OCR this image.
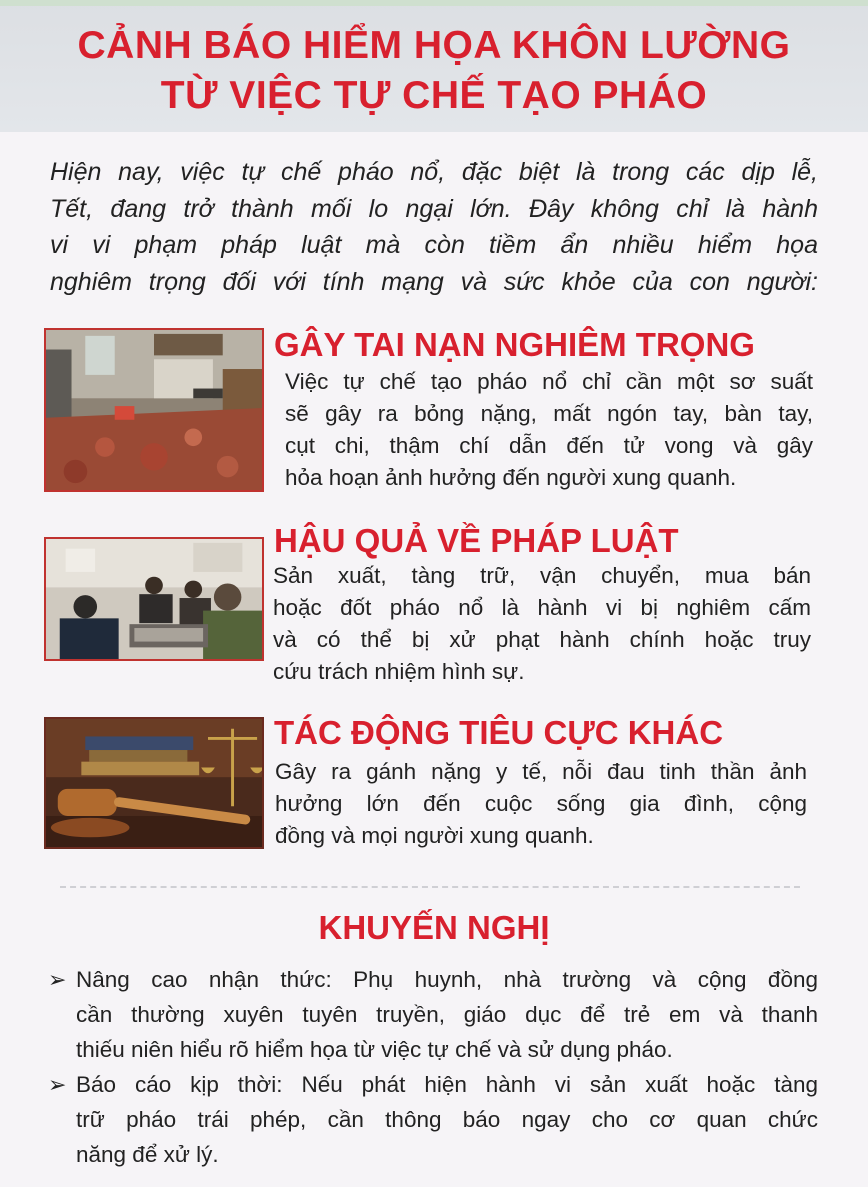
CẢNH BÁO HIỂM HỌA KHÔN LƯỜNG
TỪ VIỆC TỰ CHẾ TẠO PHÁO
Hiện nay, việc tự chế pháo nổ, đặc biệt là trong các dịp lễ,
Tết, đang trở thành mối lo ngại lớn. Đây không chỉ là hành
vi vi phạm pháp luật mà còn tiềm ẩn nhiều hiểm họa
nghiêm trọng đối với tính mạng và sức khỏe của con người:
GÂY TAI NẠN NGHIÊM TRỌNG
Việc tự chế tạo pháo nổ chỉ cần một sơ suất
sẽ gây ra bỏng nặng, mất ngón tay, bàn tay,
cụt chi, thậm chí dẫn đến tử vong và gây
hỏa hoạn ảnh hưởng đến người xung quanh.
HẬU QUẢ VỀ PHÁP LUẬT
Sản xuất, tàng trữ, vận chuyển, mua bán
hoặc đốt pháo nổ là hành vi bị nghiêm cấm
và có thể bị xử phạt hành chính hoặc truy
cứu trách nhiệm hình sự.
TÁC ĐỘNG TIÊU CỰC KHÁC
Gây ra gánh nặng y tế, nỗi đau tinh thần ảnh
hưởng lớn đến cuộc sống gia đình, cộng
đồng và mọi người xung quanh.
KHUYẾN NGHỊ
➢ Nâng cao nhận thức: Phụ huynh, nhà trường và cộng đồng
cần thường xuyên tuyên truyền, giáo dục để trẻ em và thanh
thiếu niên hiểu rõ hiểm họa từ việc tự chế và sử dụng pháo.
➢ Báo cáo kịp thời: Nếu phát hiện hành vi sản xuất hoặc tàng
trữ pháo trái phép, cần thông báo ngay cho cơ quan chức
năng để xử lý.
